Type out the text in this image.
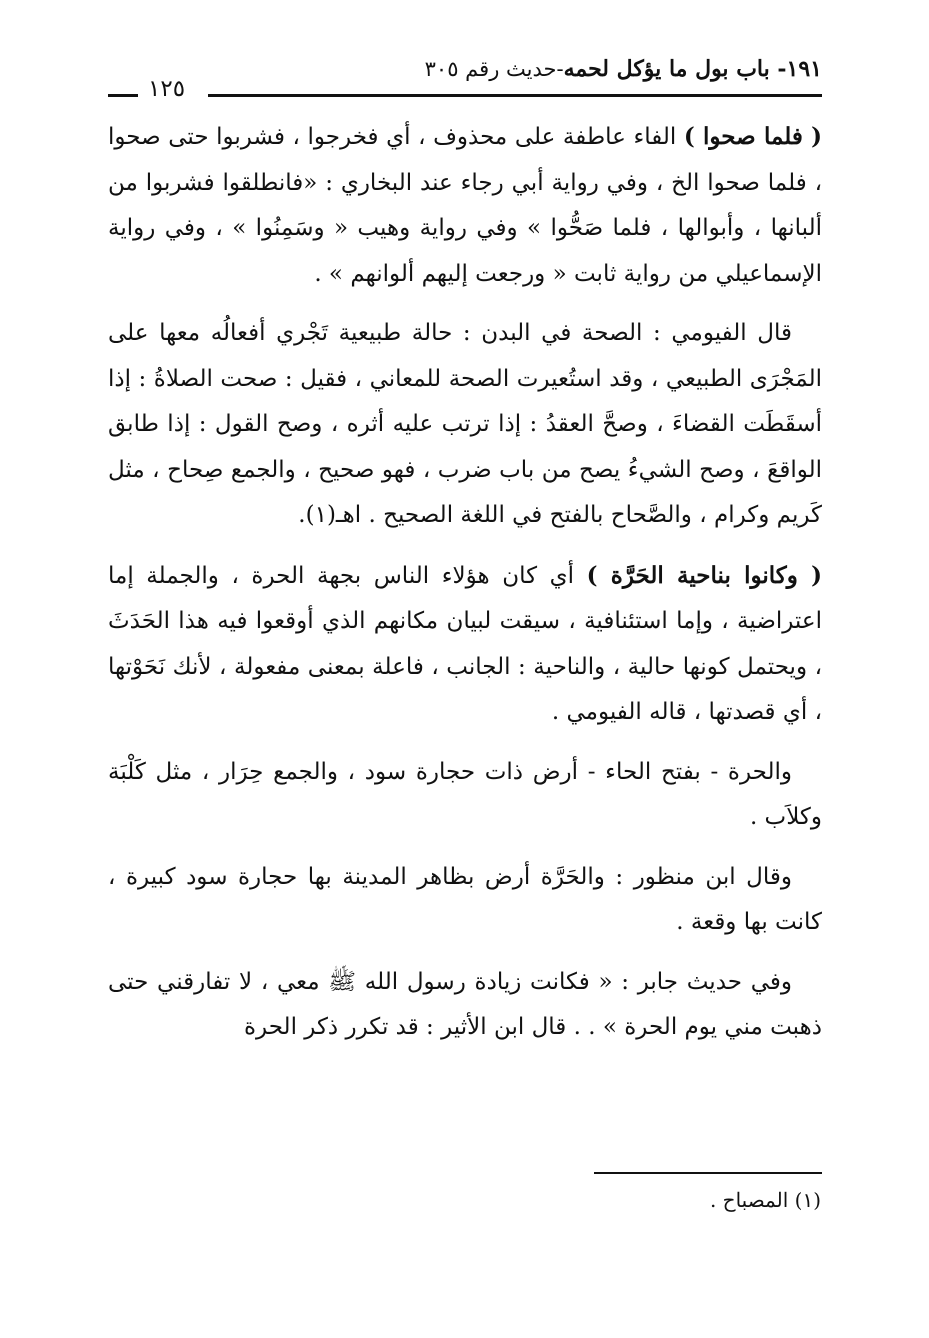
١٩١- باب بول ما يؤكل لحمه-حديث رقم ٣٠٥
١٢٥

( فلما صحوا ) الفاء عاطفة على محذوف ، أي فخرجوا ، فشربوا حتى صحوا ، فلما صحوا الخ ، وفي رواية أبي رجاء عند البخاري : «فانطلقوا فشربوا من ألبانها ، وأبوالها ، فلما صَحُّوا » وفي رواية وهيب « وسَمِنُوا » ، وفي رواية الإسماعيلي من رواية ثابت « ورجعت إليهم ألوانهم » .

قال الفيومي : الصحة في البدن : حالة طبيعية تَجْري أفعالُه معها على المَجْرَى الطبيعي ، وقد استُعيرت الصحة للمعاني ، فقيل : صحت الصلاةُ : إذا أسقَطَت القضاءَ ، وصحَّ العقدُ : إذا ترتب عليه أثره ، وصح القول : إذا طابق الواقعَ ، وصح الشيءُ يصح من باب ضرب ، فهو صحيح ، والجمع صِحاح ، مثل كَريم وكرام ، والصَّحاح بالفتح في اللغة الصحيح . اهـ(١).

( وكانوا بناحية الحَرَّة ) أي كان هؤلاء الناس بجهة الحرة ، والجملة إما اعتراضية ، وإما استئنافية ، سيقت لبيان مكانهم الذي أوقعوا فيه هذا الحَدَثَ ، ويحتمل كونها حالية ، والناحية : الجانب ، فاعلة بمعنى مفعولة ، لأنك نَحَوْتها ، أي قصدتها ، قاله الفيومي .

والحرة - بفتح الحاء - أرض ذات حجارة سود ، والجمع حِرَار ، مثل كَلْبَة وكلاَب .

وقال ابن منظور : والحَرَّة أرض بظاهر المدينة بها حجارة سود كبيرة ، كانت بها وقعة .

وفي حديث جابر : « فكانت زيادة رسول الله ﷺ معي ، لا تفارقني حتى ذهبت مني يوم الحرة » . . قال ابن الأثير : قد تكرر ذكر الحرة

(١) المصباح .
